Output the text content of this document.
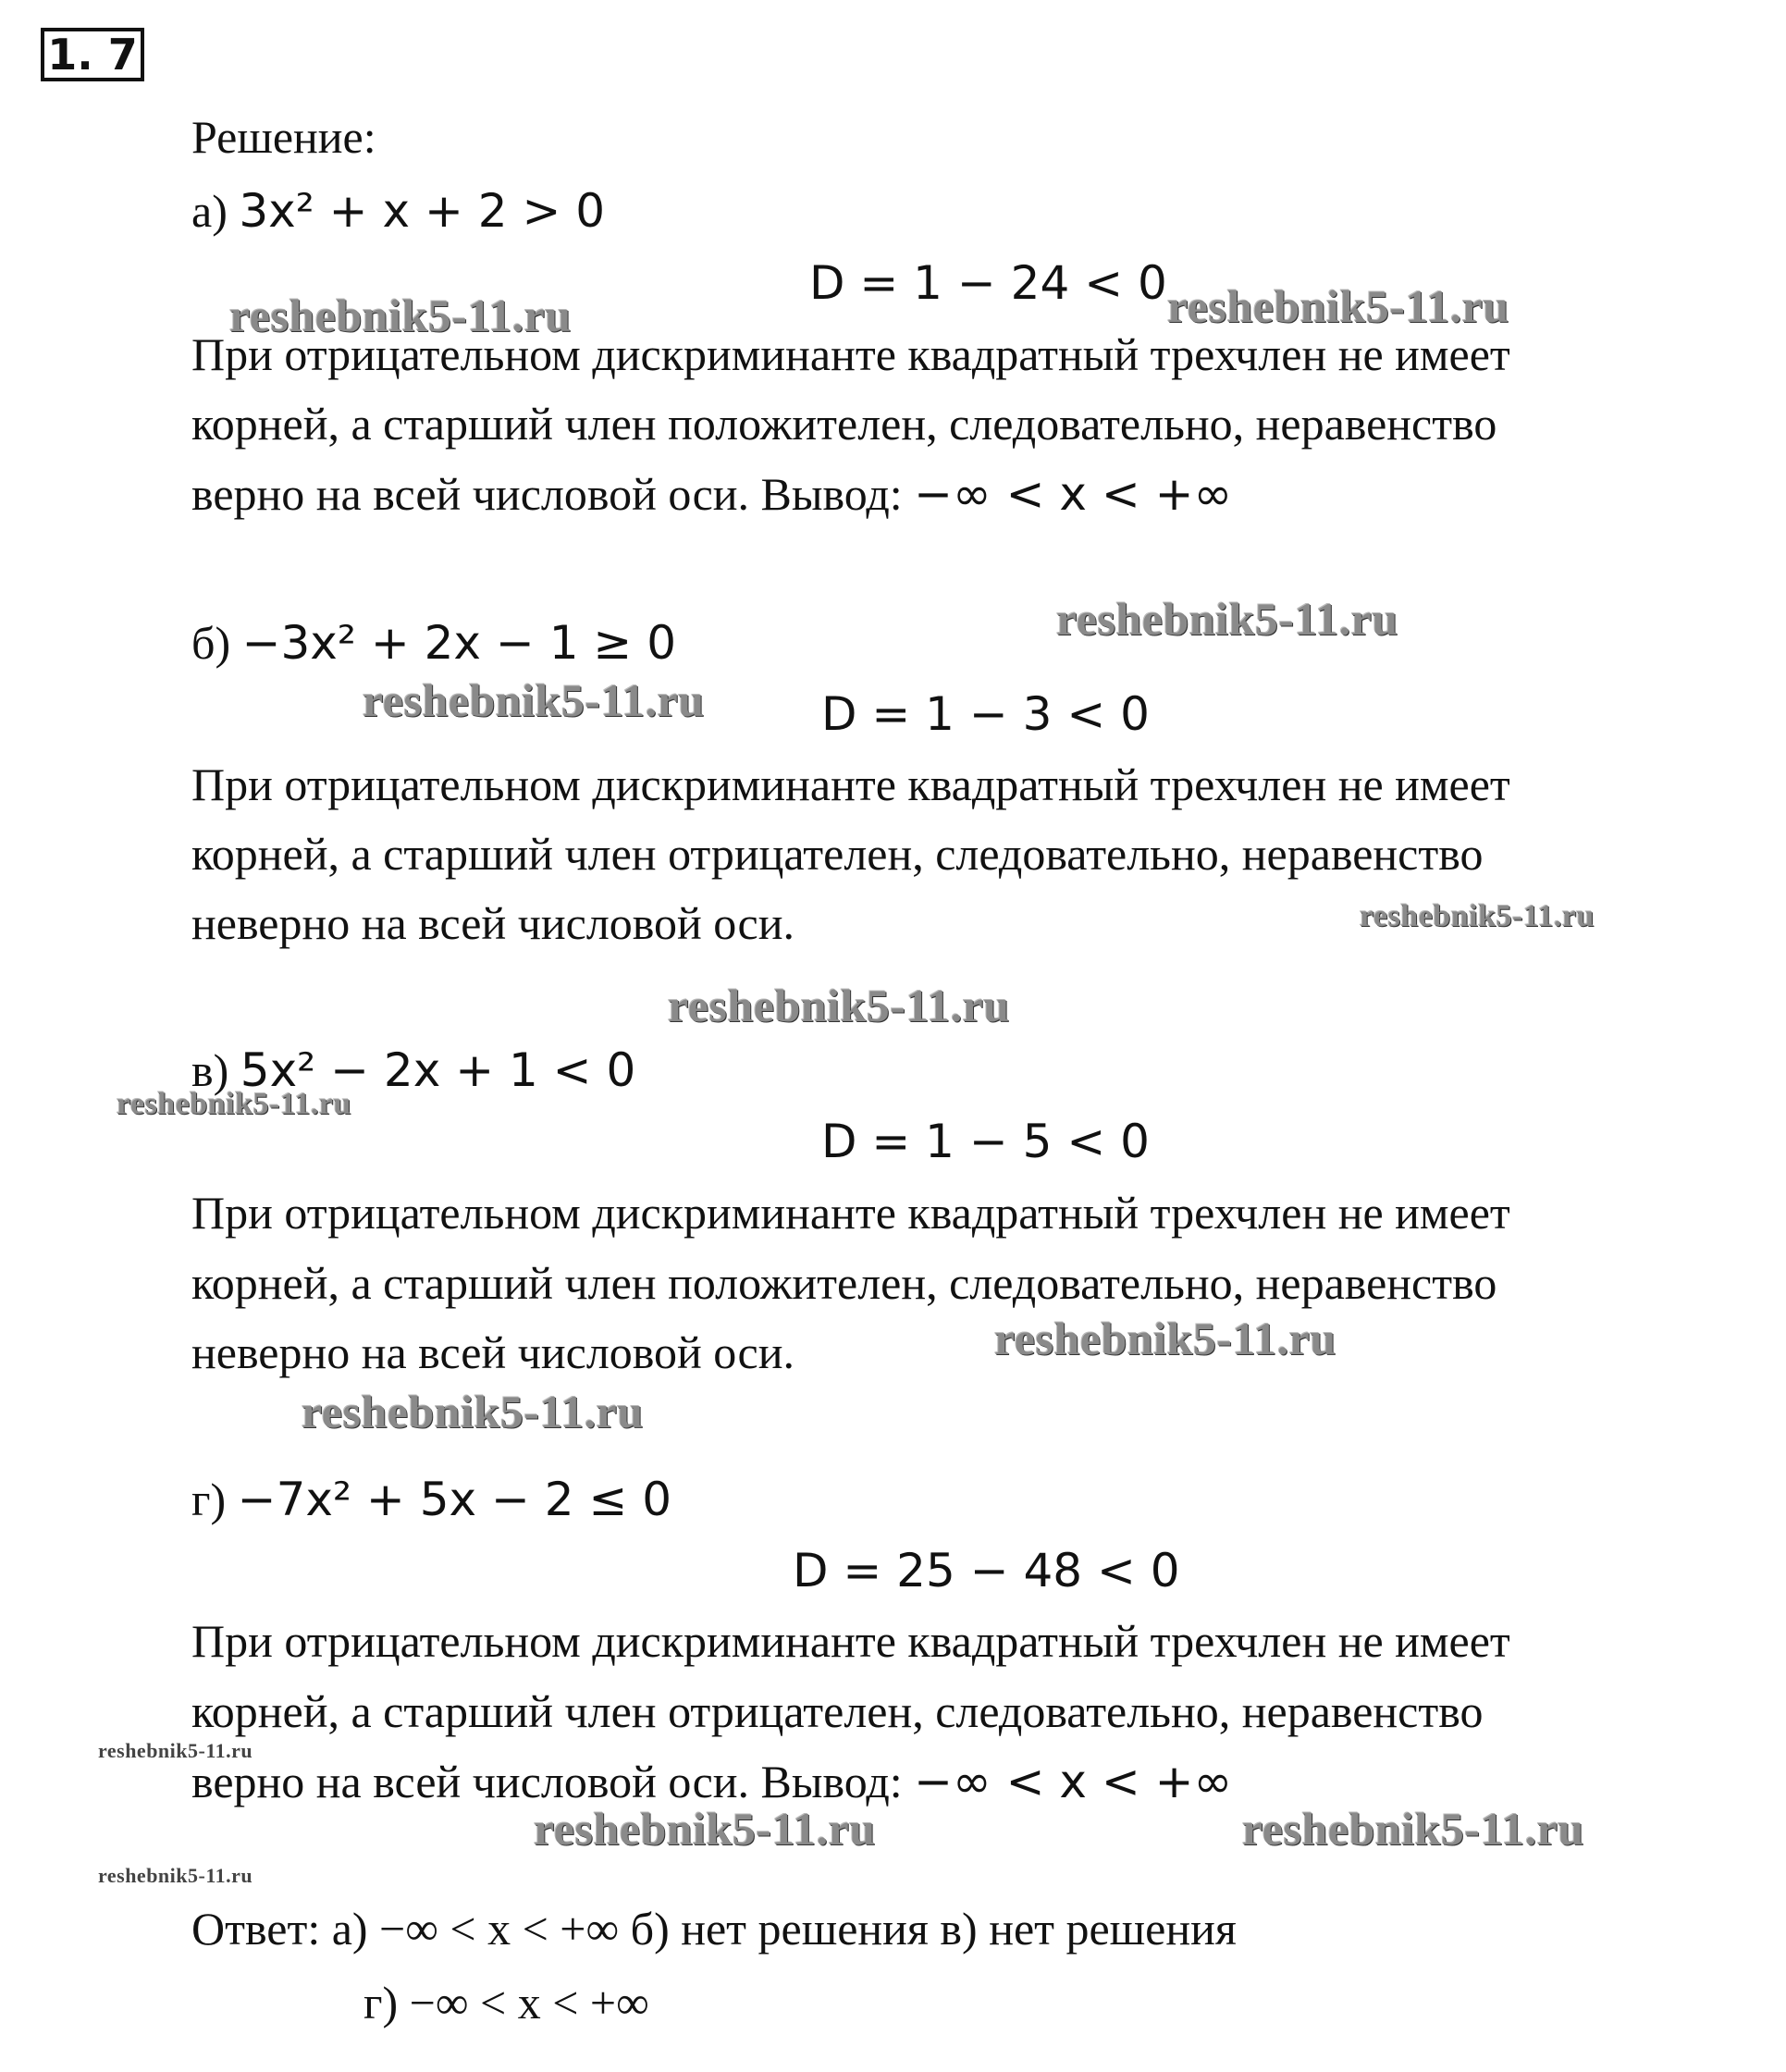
1. 7
Решение:
а) 3x² + x + 2 > 0
D = 1 − 24 < 0
При отрицательном дискриминанте квадратный трехчлен не имеет
корней, а старший член положителен, следовательно, неравенство
верно на всей числовой оси. Вывод: −∞ < x < +∞
б) −3x² + 2x − 1 ≥ 0
D = 1 − 3 < 0
При отрицательном дискриминанте квадратный трехчлен не имеет
корней, а старший член отрицателен, следовательно, неравенство
неверно на всей числовой оси.
в) 5x² − 2x + 1 < 0
D = 1 − 5 < 0
При отрицательном дискриминанте квадратный трехчлен не имеет
корней, а старший член положителен, следовательно, неравенство
неверно на всей числовой оси.
г) −7x² + 5x − 2 ≤ 0
D = 25 − 48 < 0
При отрицательном дискриминанте квадратный трехчлен не имеет
корней, а старший член отрицателен, следовательно, неравенство
верно на всей числовой оси. Вывод: −∞ < x < +∞
Ответ: а) −∞ < x < +∞ б) нет решения в) нет решения
г) −∞ < x < +∞
reshebnik5-11.ru	reshebnik5-11.ru
reshebnik5-11.ru
reshebnik5-11.ru
reshebnik5-11.ru
reshebnik5-11.ru
reshebnik5-11.ru
reshebnik5-11.ru
reshebnik5-11.ru
reshebnik5-11.ru
reshebnik5-11.ru	reshebnik5-11.ru
reshebnik5-11.ru
